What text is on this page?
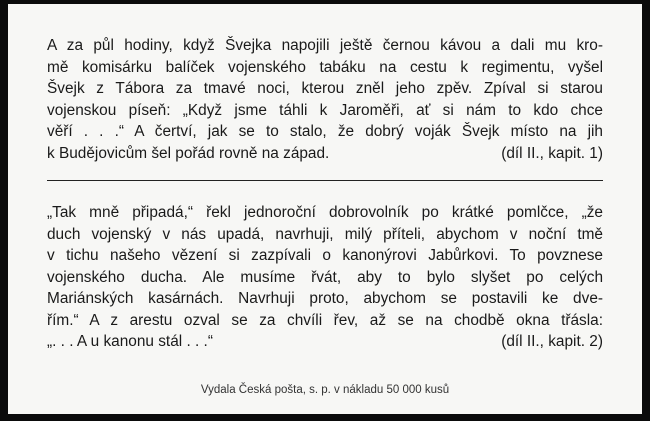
A za půl hodiny, když Švejka napojili ještě černou kávou a dali mu kro-
mě komisárku balíček vojenského tabáku na cestu k regimentu, vyšel
Švejk z Tábora za tmavé noci, kterou zněl jeho zpěv. Zpíval si starou
vojenskou píseň: „Když jsme táhli k Jaroměři, ať si nám to kdo chce
věří . . .“ A čertví, jak se to stalo, že dobrý voják Švejk místo na jih
k Budějovicům šel pořád rovně na západ.	(díl II., kapit. 1)
„Tak mně připadá,“ řekl jednoroční dobrovolník po krátké pomlčce, „že
duch vojenský v nás upadá, navrhuji, milý příteli, abychom v noční tmě
v tichu našeho vězení si zazpívali o kanonýrovi Jabůrkovi. To povznese
vojenského ducha. Ale musíme řvát, aby to bylo slyšet po celých
Mariánských kasárnách. Navrhuji proto, abychom se postavili ke dve-
řím.“ A z arestu ozval se za chvíli řev, až se na chodbě okna třásla:
„. . . A u kanonu stál . . .“	(díl II., kapit. 2)
Vydala Česká pošta, s. p. v nákladu 50 000 kusů
